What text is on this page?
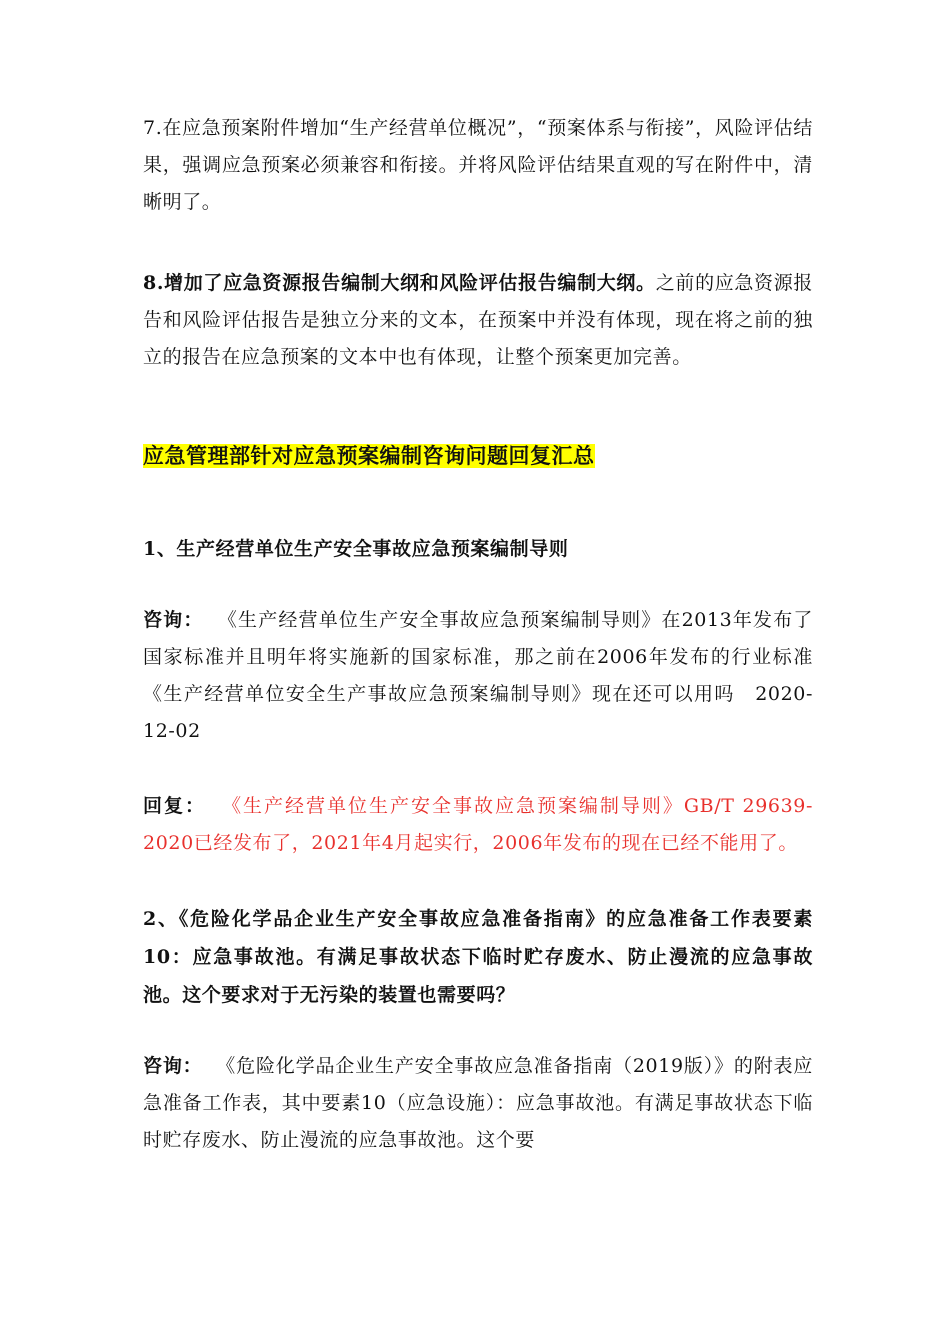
7.在应急预案附件增加“生产经营单位概况”，“预案体系与衔接”，风险评估结果，强调应急预案必须兼容和衔接。并将风险评估结果直观的写在附件中，清晰明了。

8.增加了应急资源报告编制大纲和风险评估报告编制大纲。之前的应急资源报告和风险评估报告是独立分来的文本，在预案中并没有体现，现在将之前的独立的报告在应急预案的文本中也有体现，让整个预案更加完善。

应急管理部针对应急预案编制咨询问题回复汇总

1、生产经营单位生产安全事故应急预案编制导则

咨询： 《生产经营单位生产安全事故应急预案编制导则》在2013年发布了国家标准并且明年将实施新的国家标准，那之前在2006年发布的行业标准《生产经营单位安全生产事故应急预案编制导则》现在还可以用吗　2020-12-02

回复： 《生产经营单位生产安全事故应急预案编制导则》GB/T 29639-2020已经发布了，2021年4月起实行，2006年发布的现在已经不能用了。

2、《危险化学品企业生产安全事故应急准备指南》的应急准备工作表要素10：应急事故池。有满足事故状态下临时贮存废水、防止漫流的应急事故池。这个要求对于无污染的装置也需要吗？

咨询： 《危险化学品企业生产安全事故应急准备指南（2019版）》的附表应急准备工作表，其中要素10（应急设施）：应急事故池。有满足事故状态下临时贮存废水、防止漫流的应急事故池。这个要
